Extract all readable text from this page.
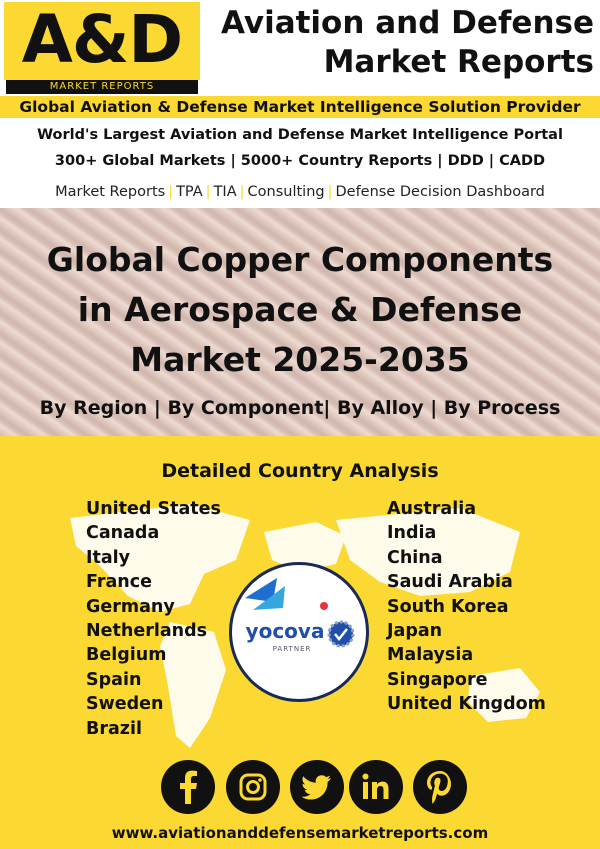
A&D
MARKET REPORTS
Aviation and Defense
Market Reports
Global Aviation & Defense Market Intelligence Solution Provider
World's Largest Aviation and Defense Market Intelligence Portal
300+ Global Markets | 5000+ Country Reports | DDD | CADD
Market Reports | TPA | TIA | Consulting | Defense Decision Dashboard
Global Copper Components
in Aerospace & Defense
Market 2025-2035
By Region | By Component| By Alloy | By Process
Detailed Country Analysis
United States
Canada
Italy
France
Germany
Netherlands
Belgium
Spain
Sweden
Brazil
Australia
India
China
Saudi Arabia
South Korea
Japan
Malaysia
Singapore
United Kingdom
yocova
PARTNER
www.aviationanddefensemarketreports.com
